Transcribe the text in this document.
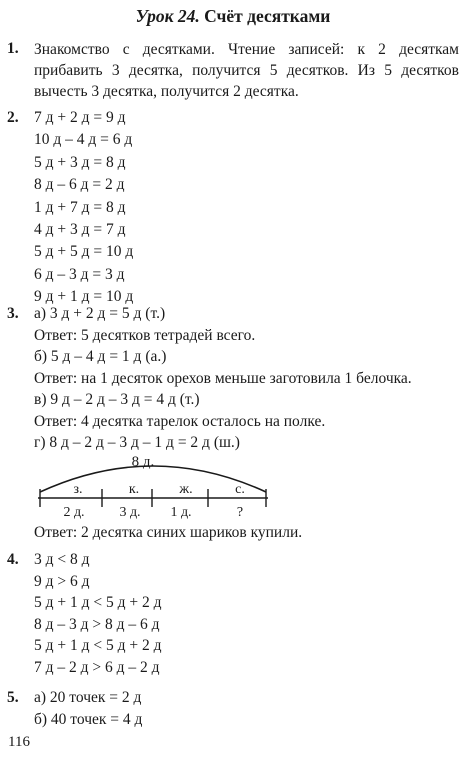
Урок 24. Счёт десятками
1. Знакомство с десятками. Чтение записей: к 2 десяткам прибавить 3 десятка, получится 5 десятков. Из 5 десятков вычесть 3 десятка, получится 2 десятка.
2. 7 д + 2 д = 9 д
10 д – 4 д = 6 д
5 д + 3 д = 8 д
8 д – 6 д = 2 д
1 д + 7 д = 8 д
4 д + 3 д = 7 д
5 д + 5 д = 10 д
6 д – 3 д = 3 д
9 д + 1 д = 10 д
3. а) 3 д + 2 д = 5 д (т.)
Ответ: 5 десятков тетрадей всего.
б) 5 д – 4 д = 1 д (а.)
Ответ: на 1 десяток орехов меньше заготовила 1 белочка.
в) 9 д – 2 д – 3 д = 4 д (т.)
Ответ: 4 десятка тарелок осталось на полке.
г) 8 д – 2 д – 3 д – 1 д = 2 д (ш.)
8 д.
з.	к.	ж.	с.
2 д. 3 д. 1 д.	?
Ответ: 2 десятка синих шариков купили.
4. 3 д < 8 д
9 д > 6 д
5 д + 1 д < 5 д + 2 д
8 д – 3 д > 8 д – 6 д
5 д + 1 д < 5 д + 2 д
7 д – 2 д > 6 д – 2 д
5. а) 20 точек = 2 д
б) 40 точек = 4 д
116
